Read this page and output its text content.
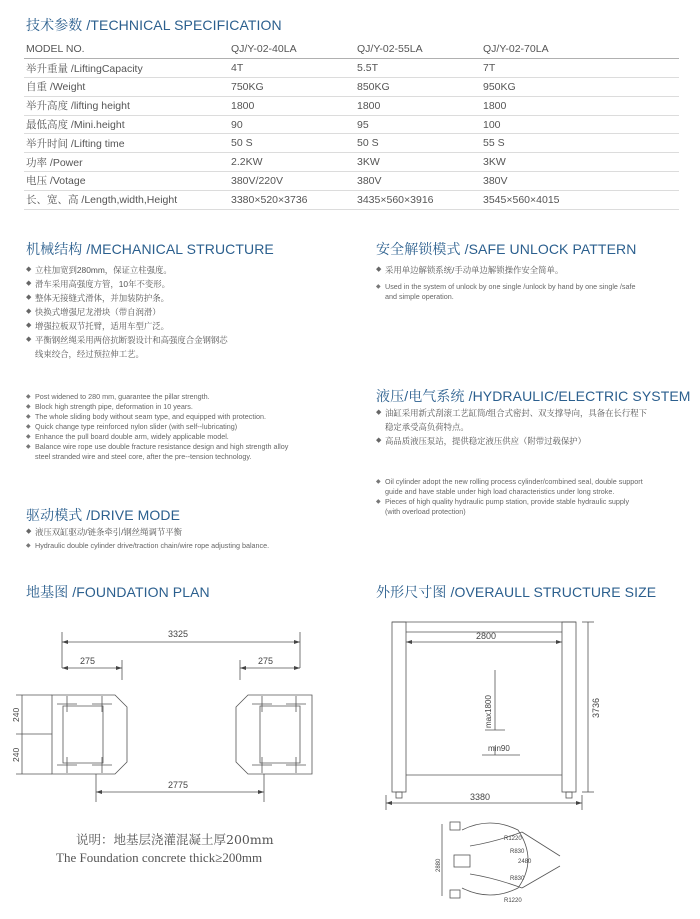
技术参数 /TECHNICAL SPECIFICATION
MODEL NO.	QJ/Y-02-40LA	QJ/Y-02-55LA	QJ/Y-02-70LA
举升重量 /LiftingCapacity	4T	5.5T	7T
自重 /Weight	750KG	850KG	950KG
举升高度 /lifting height	1800	1800	1800
最低高度 /Mini.height	90	95	100
举升时间 /Lifting time	50 S	50 S	55 S
功率 /Power	2.2KW	3KW	3KW
电压 /Votage	380V/220V	380V	380V
长、宽、高 /Length,width,Height	3380×520×3736	3435×560×3916	3545×560×4015
机械结构 /MECHANICAL STRUCTURE
◆ 立柱加宽到280mm，保证立柱强度。
◆ 滑车采用高强度方管，10年不变形。
◆ 整体无接缝式滑体，并加装防护条。
◆ 快换式增强尼龙滑块（带自润滑）
◆ 增强拉板双节托臂，适用车型广泛。
◆ 平衡钢丝绳采用两倍抗断裂设计和高强度合金钢钢芯
线束绞合，经过预拉伸工艺。
◆ Post widened to 280 mm, guarantee the pillar strength.
◆ Block high strength pipe, deformation in 10 years.
◆ The whole sliding body without seam type, and equipped with protection.
◆ Quick change type reinforced nylon slider (with self--lubricating)
◆ Enhance the pull board double arm, widely applicable model.
◆ Balance wire rope use double fracture resistance design and high strength alloy
steel stranded wire and steel core, after the pre--tension technology.
驱动模式 /DRIVE MODE
◆ 液压双缸驱动/链条牵引/钢丝绳调节平衡
◆ Hydraulic double cylinder drive/traction chain/wire rope adjusting balance.
安全解锁模式 /SAFE UNLOCK PATTERN
◆ 采用单边解锁系统/手动单边解锁操作安全简单。
◆ Used in the system of unlock by one single /unlock by hand by one single /safe
and simple operation.
液压/电气系统 /HYDRAULIC/ELECTRIC SYSTEM
◆ 油缸采用新式刮滚工艺缸筒/组合式密封、双支撑导向，具备在长行程下
稳定承受高负荷特点。
◆ 高品质液压泵站，提供稳定液压供应（附带过载保护）
◆ Oil cylinder adopt the new rolling process cylinder/combined seal, double support
guide and have stable under high load characteristics under long stroke.
◆ Pieces of high quality hydraulic pump station, provide stable hydraulic supply
(with overload protection)
地基图 /FOUNDATION PLAN
3325
275	275
2775
240
240
说明：地基层浇灌混凝土厚200mm
The Foundation concrete thick≥200mm
外形尺寸图 /OVERAULL STRUCTURE SIZE
2800
3736
max1800
min90
3380
R1220
R830
2480
R830
R1220
2880
